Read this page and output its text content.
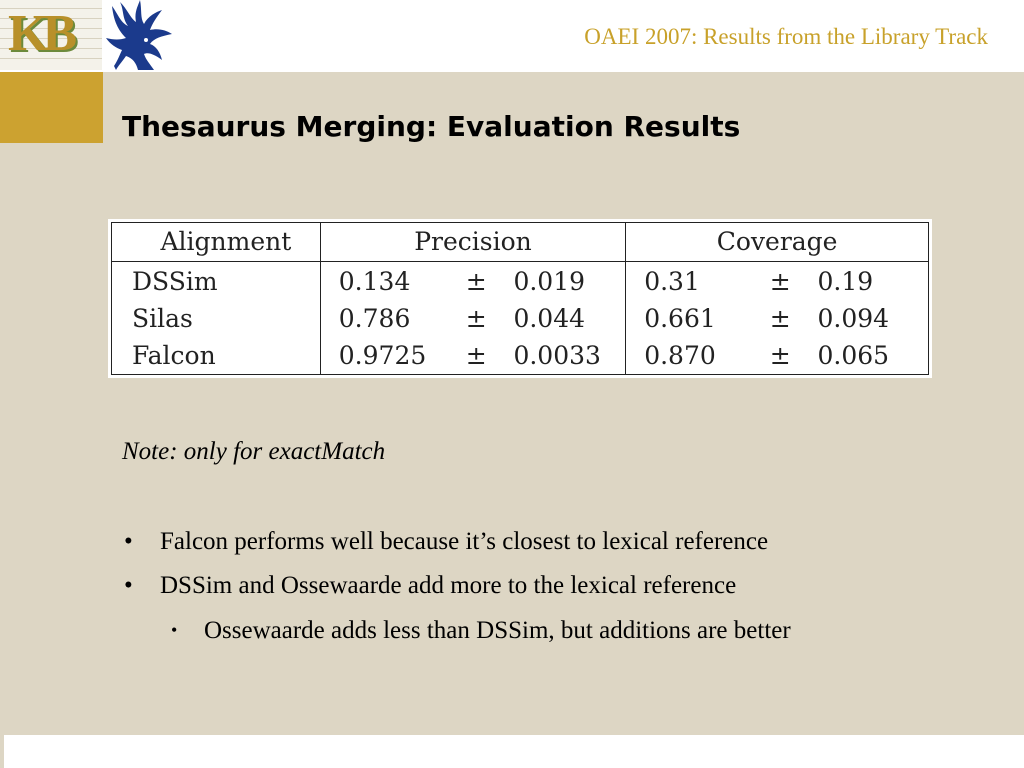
KB	OAEI 2007: Results from the Library Track
Thesaurus Merging: Evaluation Results
Alignment	Precision			Coverage		
DSSim	0.134	±	0.019	0.31	±	0.19
Silas	0.786	±	0.044	0.661	±	0.094
Falcon	0.9725	±	0.0033	0.870	±	0.065
Note: only for exactMatch
• Falcon performs well because it’s closest to lexical reference
• DSSim and Ossewaarde add more to the lexical reference
• Ossewaarde adds less than DSSim, but additions are better
